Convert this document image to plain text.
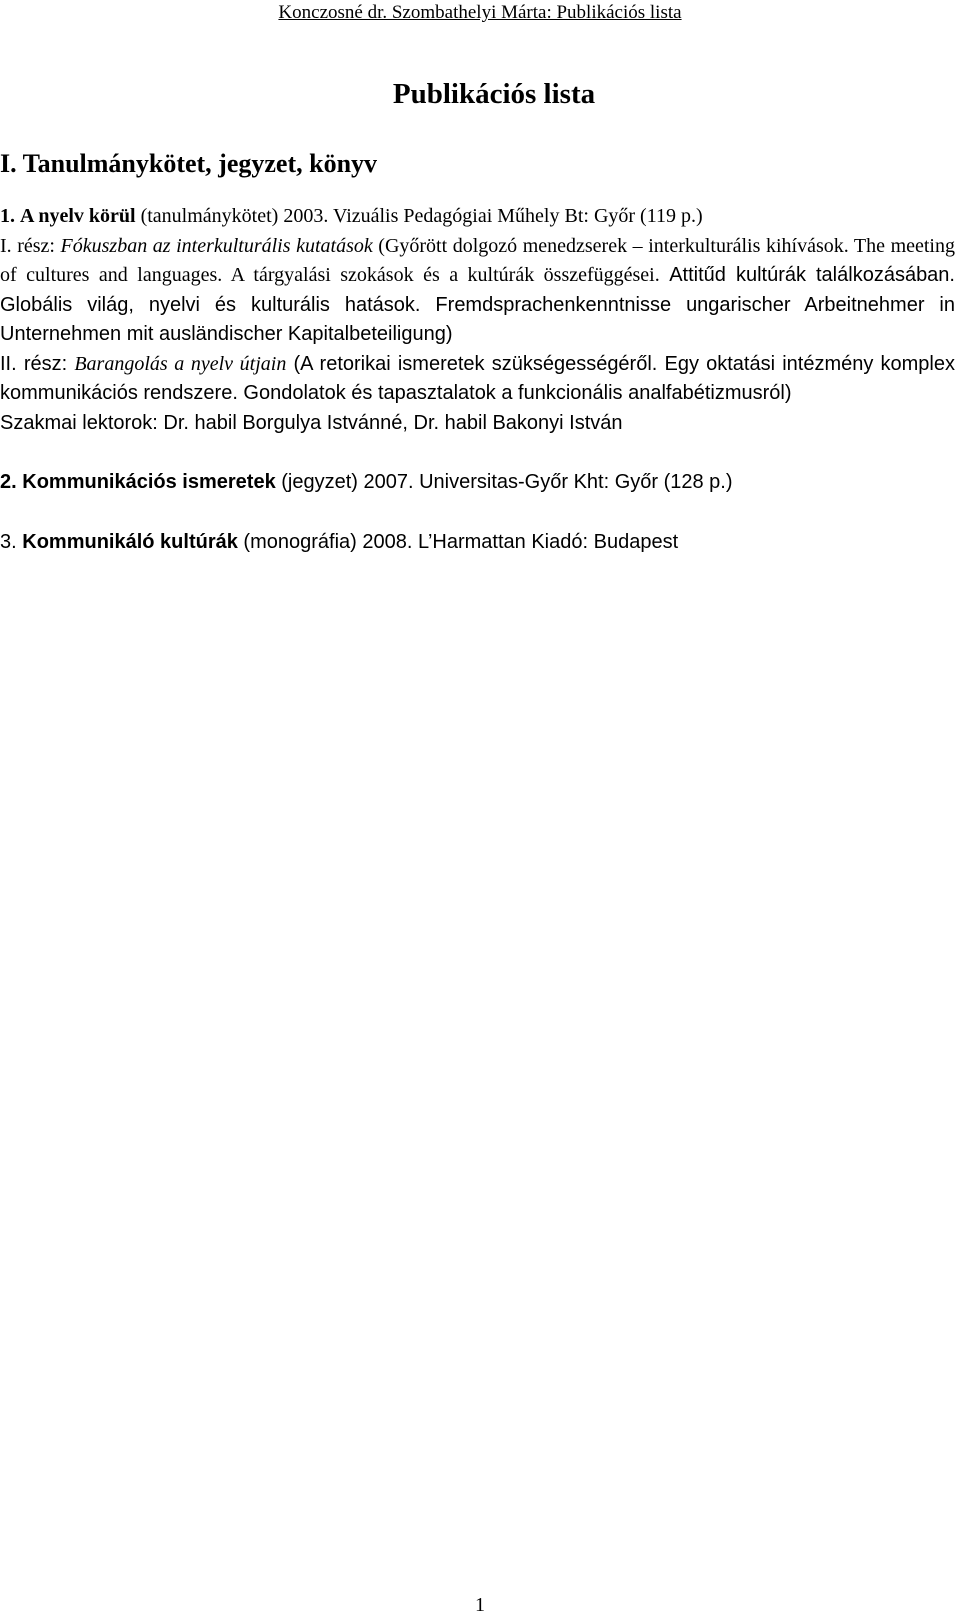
Konczosné dr. Szombathelyi Márta: Publikációs lista
Publikációs lista
I. Tanulmánykötet, jegyzet, könyv

1. A nyelv körül (tanulmánykötet) 2003. Vizuális Pedagógiai Műhely Bt: Győr (119 p.)

I. rész: Fókuszban az interkulturális kutatások (Győrött dolgozó menedzserek – interkulturális kihívások. The meeting of cultures and languages. A tárgyalási szokások és a kultúrák összefüggései. Attitűd kultúrák találkozásában. Globális világ, nyelvi és kulturális hatások. Fremdsprachenkenntnisse ungarischer Arbeitnehmer in Unternehmen mit ausländischer Kapitalbeteiligung)

II. rész: Barangolás a nyelv útjain (A retorikai ismeretek szükségességéről. Egy oktatási intézmény komplex kommunikációs rendszere. Gondolatok és tapasztalatok a funkcionális analfabétizmusról)

Szakmai lektorok: Dr. habil Borgulya Istvánné, Dr. habil Bakonyi István

2. Kommunikációs ismeretek (jegyzet) 2007. Universitas-Győr Kht: Győr (128 p.)

3. Kommunikáló kultúrák (monográfia) 2008. L’Harmattan Kiadó: Budapest

1
